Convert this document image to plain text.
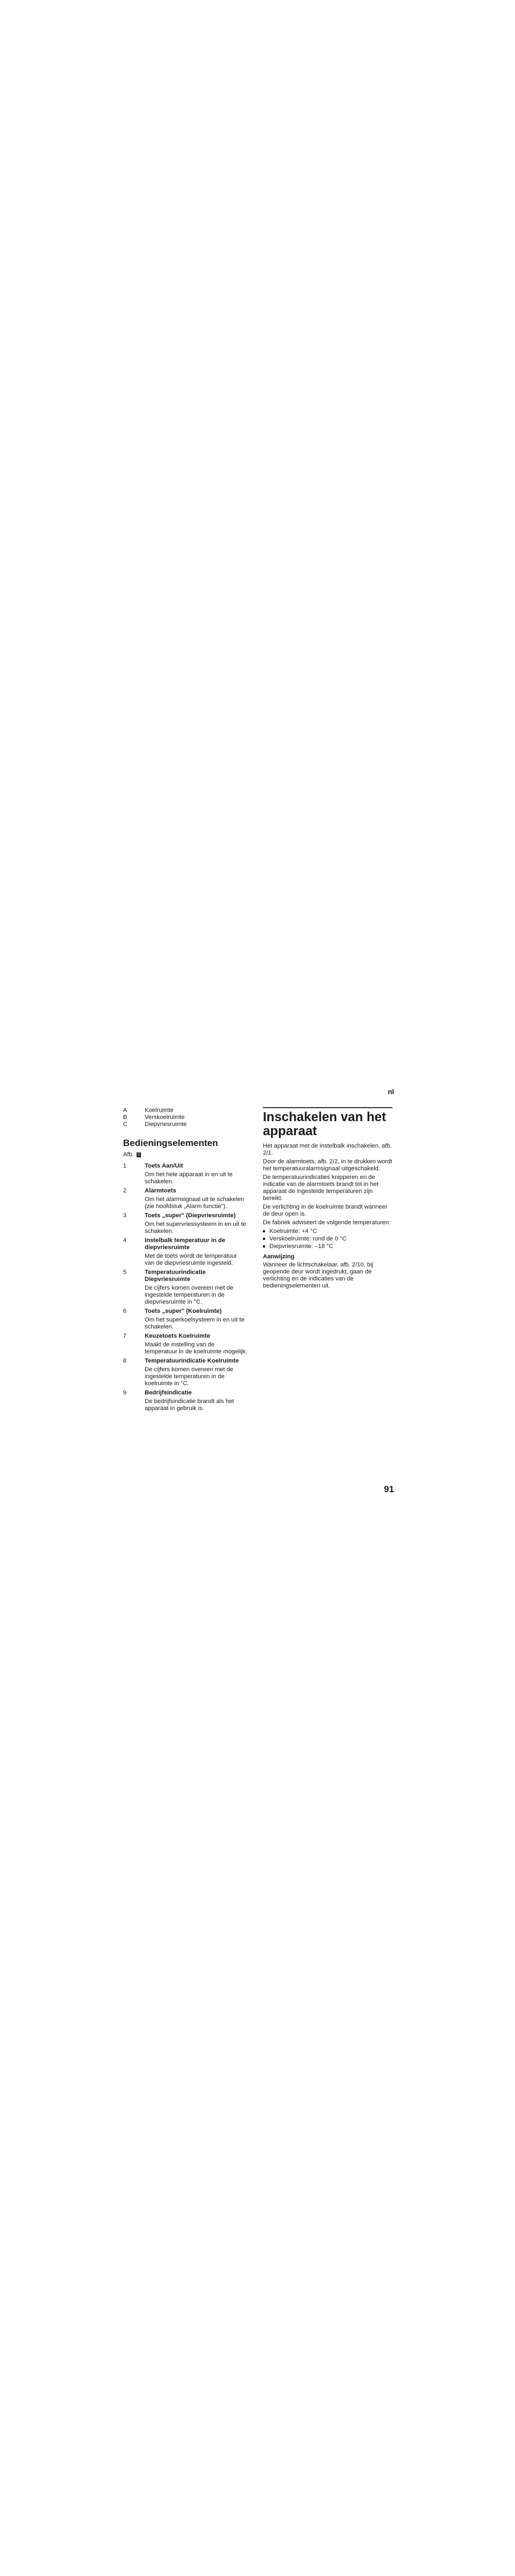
nl
A	Koelruimte
B	Verskoelruimte
C	Diepvriesruimte
Bedieningselementen
Afb. 2
1	Toets Aan/Uit
Om het hele apparaat in en uit te schakelen.
2	Alarmtoets
Om het alarmsignaal uit te schakelen (zie hoofdstuk „Alarm functie").
3	Toets „super" (Diepvriesruimte)
Om het supervriessysteem in en uit te schakelen.
4	Instelbalk temperatuur in de diepvriesruimte
Met de toets wordt de temperatuur van de diepvriesruimte ingesteld.
5	Temperatuurindicatie Diepvriesruimte
De cijfers komen overeen met de ingestelde temperaturen in de diepvriesruimte in °C.
6	Toets „super" (Koelruimte)
Om het superkoelsysteem in en uit te schakelen.
7	Keuzetoets Koelruimte
Maakt de instelling van de temperatuur in de koelruimte mogelijk.
8	Temperatuurindicatie Koelruimte
De cijfers komen overeen met de ingestelde temperaturen in de koelruimte in °C.
9	Bedrijfsindicatie
De bedrijfsindicatie brandt als het apparaat in gebruik is.
Inschakelen van het apparaat

Het apparaat met de instelbalk inschakelen, afb. 2/1.

Door de alarmtoets, afb. 2/2, in te drukken wordt het temperatuuralarmsignaal uitgeschakeld.

De temperatuurindicaties knipperen en de indicatie van de alarmtoets brandt tot in het apparaat de ingestelde temperaturen zijn bereikt.

De verlichting in de koelruimte brandt wanneer de deur open is.

De fabriek adviseert de volgende temperaturen:

Koelruimte: +4 °C
Verskoelruimte: rond de 0 °C
Diepvriesruimte: –18 °C
Aanwijzing

Wanneer de lichtschakelaar, afb. 2/10, bij geopende deur wordt ingedrukt, gaan de verlichting en de indicaties van de bedieningselementen uit.

91
